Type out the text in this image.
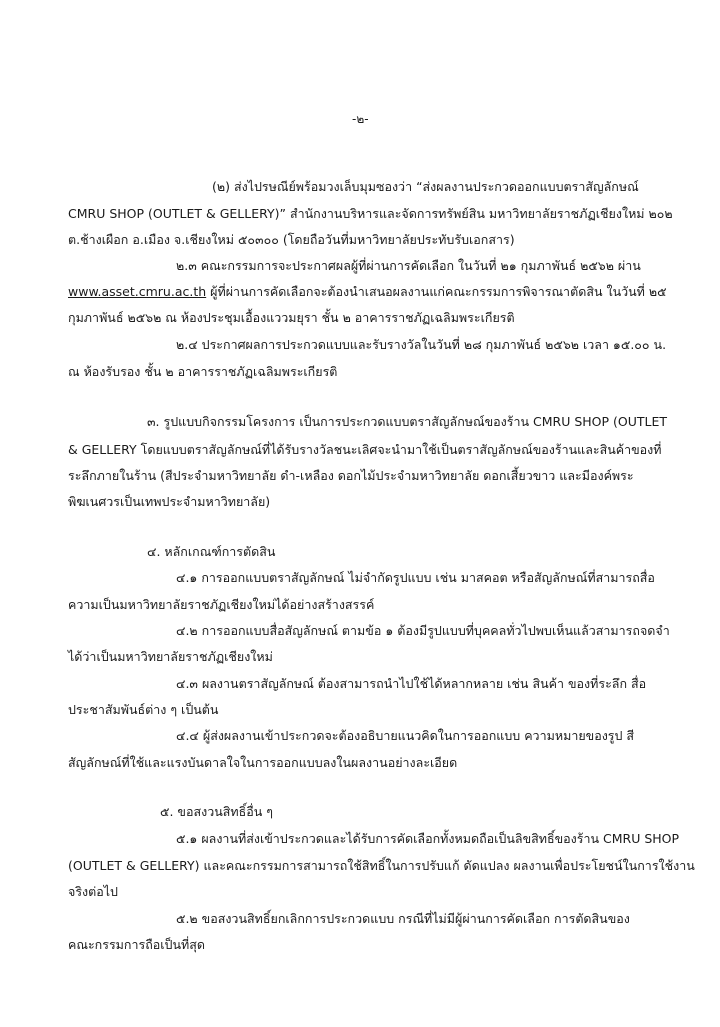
-๒-
(๒) ส่งไปรษณีย์พร้อมวงเล็บมุมซองว่า “ส่งผลงานประกวดออกแบบตราสัญลักษณ์
CMRU SHOP (OUTLET & GELLERY)” สำนักงานบริหารและจัดการทรัพย์สิน มหาวิทยาลัยราชภัฏเชียงใหม่ ๒๐๒
ต.ช้างเผือก อ.เมือง จ.เชียงใหม่ ๕๐๓๐๐ (โดยถือวันที่มหาวิทยาลัยประทับรับเอกสาร)
๒.๓ คณะกรรมการจะประกาศผลผู้ที่ผ่านการคัดเลือก ในวันที่ ๒๑ กุมภาพันธ์ ๒๕๖๒ ผ่าน
www.asset.cmru.ac.th ผู้ที่ผ่านการคัดเลือกจะต้องนำเสนอผลงานแก่คณะกรรมการพิจารณาตัดสิน ในวันที่ ๒๕
กุมภาพันธ์ ๒๕๖๒ ณ ห้องประชุมเอื้องแววมยุรา ชั้น ๒ อาคารราชภัฏเฉลิมพระเกียรติ
๒.๔ ประกาศผลการประกวดแบบและรับรางวัลในวันที่ ๒๘ กุมภาพันธ์ ๒๕๖๒ เวลา ๑๕.๐๐ น.
ณ ห้องรับรอง ชั้น ๒ อาคารราชภัฏเฉลิมพระเกียรติ
๓. รูปแบบกิจกรรมโครงการ เป็นการประกวดแบบตราสัญลักษณ์ของร้าน CMRU SHOP (OUTLET
& GELLERY โดยแบบตราสัญลักษณ์ที่ได้รับรางวัลชนะเลิศจะนำมาใช้เป็นตราสัญลักษณ์ของร้านและสินค้าของที่
ระลึกภายในร้าน (สีประจำมหาวิทยาลัย ดำ-เหลือง ดอกไม้ประจำมหาวิทยาลัย ดอกเสี้ยวขาว และมีองค์พระ
พิฆเนศวรเป็นเทพประจำมหาวิทยาลัย)
๔. หลักเกณฑ์การตัดสิน
๔.๑ การออกแบบตราสัญลักษณ์ ไม่จำกัดรูปแบบ เช่น มาสคอต หรือสัญลักษณ์ที่สามารถสื่อ
ความเป็นมหาวิทยาลัยราชภัฏเชียงใหม่ได้อย่างสร้างสรรค์
๔.๒ การออกแบบสื่อสัญลักษณ์ ตามข้อ ๑ ต้องมีรูปแบบที่บุคคลทั่วไปพบเห็นแล้วสามารถจดจำ
ได้ว่าเป็นมหาวิทยาลัยราชภัฏเชียงใหม่
๔.๓ ผลงานตราสัญลักษณ์ ต้องสามารถนำไปใช้ได้หลากหลาย เช่น สินค้า ของที่ระลึก สื่อ
ประชาสัมพันธ์ต่าง ๆ เป็นต้น
๔.๔ ผู้ส่งผลงานเข้าประกวดจะต้องอธิบายแนวคิดในการออกแบบ ความหมายของรูป สี
สัญลักษณ์ที่ใช้และแรงบันดาลใจในการออกแบบลงในผลงานอย่างละเอียด
๕. ขอสงวนสิทธิ์อื่น ๆ
๕.๑ ผลงานที่ส่งเข้าประกวดและได้รับการคัดเลือกทั้งหมดถือเป็นลิขสิทธิ์ของร้าน CMRU SHOP
(OUTLET & GELLERY) และคณะกรรมการสามารถใช้สิทธิ์ในการปรับแก้ ดัดแปลง ผลงานเพื่อประโยชน์ในการใช้งาน
จริงต่อไป
๕.๒ ขอสงวนสิทธิ์ยกเลิกการประกวดแบบ กรณีที่ไม่มีผู้ผ่านการคัดเลือก การตัดสินของ
คณะกรรมการถือเป็นที่สุด
